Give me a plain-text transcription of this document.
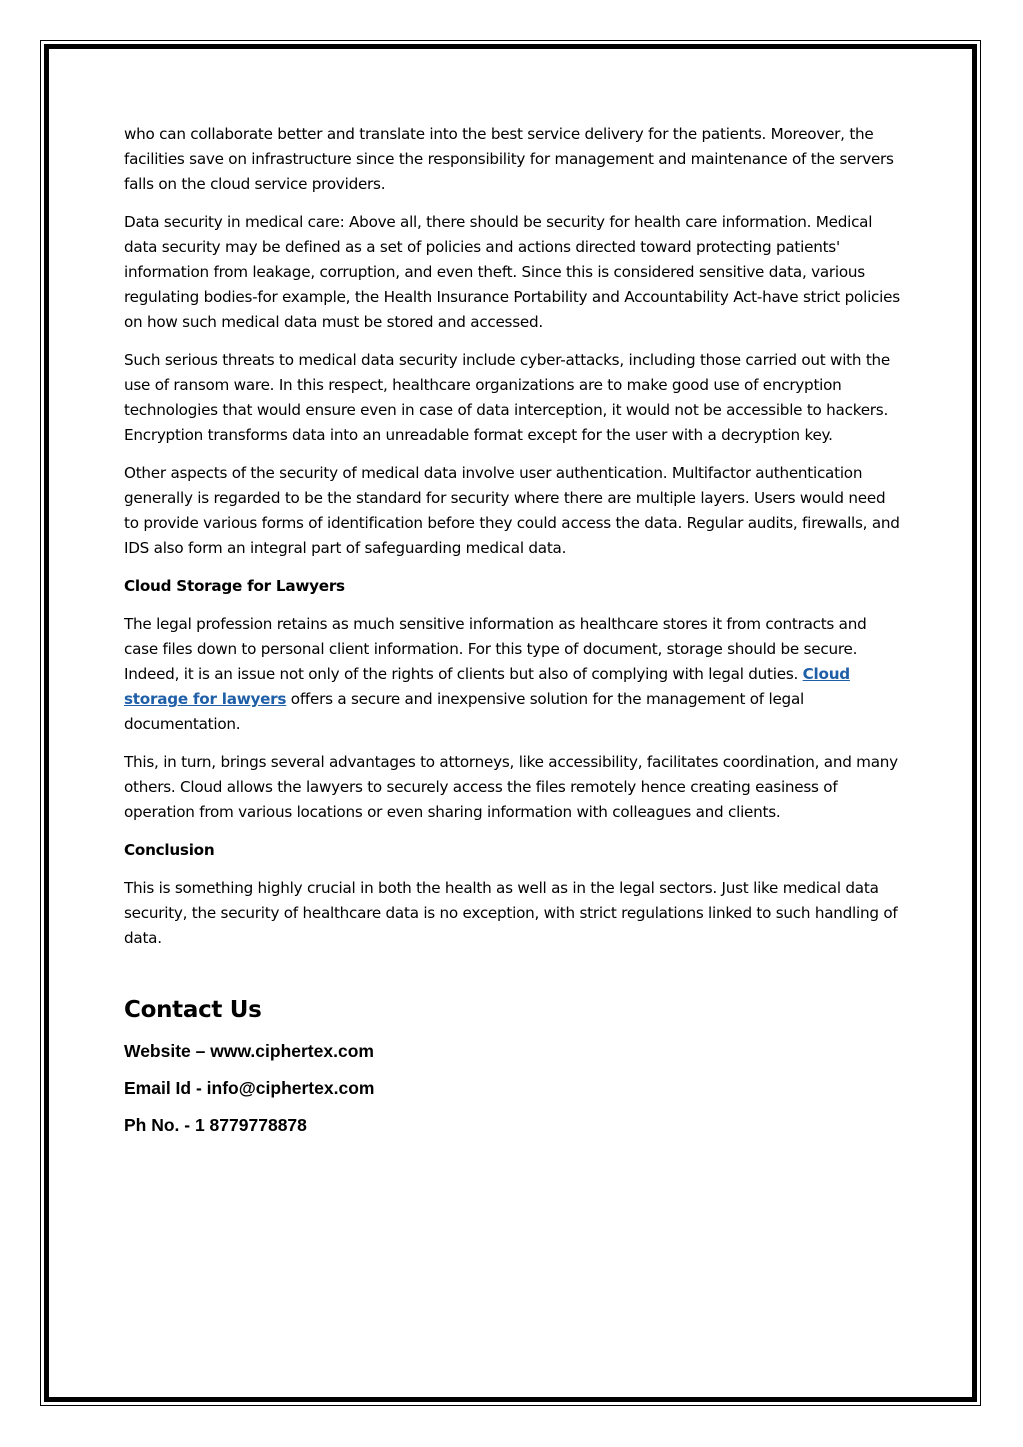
who can collaborate better and translate into the best service delivery for the patients. Moreover, the facilities save on infrastructure since the responsibility for management and maintenance of the servers falls on the cloud service providers.

Data security in medical care: Above all, there should be security for health care information. Medical data security may be defined as a set of policies and actions directed toward protecting patients' information from leakage, corruption, and even theft. Since this is considered sensitive data, various regulating bodies-for example, the Health Insurance Portability and Accountability Act-have strict policies on how such medical data must be stored and accessed.

Such serious threats to medical data security include cyber-attacks, including those carried out with the use of ransom ware. In this respect, healthcare organizations are to make good use of encryption technologies that would ensure even in case of data interception, it would not be accessible to hackers. Encryption transforms data into an unreadable format except for the user with a decryption key.

Other aspects of the security of medical data involve user authentication. Multifactor authentication generally is regarded to be the standard for security where there are multiple layers. Users would need to provide various forms of identification before they could access the data. Regular audits, firewalls, and IDS also form an integral part of safeguarding medical data.

Cloud Storage for Lawyers

The legal profession retains as much sensitive information as healthcare stores it from contracts and case files down to personal client information. For this type of document, storage should be secure. Indeed, it is an issue not only of the rights of clients but also of complying with legal duties. Cloud storage for lawyers offers a secure and inexpensive solution for the management of legal documentation.

This, in turn, brings several advantages to attorneys, like accessibility, facilitates coordination, and many others. Cloud allows the lawyers to securely access the files remotely hence creating easiness of operation from various locations or even sharing information with colleagues and clients.

Conclusion

This is something highly crucial in both the health as well as in the legal sectors. Just like medical data security, the security of healthcare data is no exception, with strict regulations linked to such handling of data.

Contact Us
Website – www.ciphertex.com
Email Id - info@ciphertex.com
Ph No. - 1 8779778878
